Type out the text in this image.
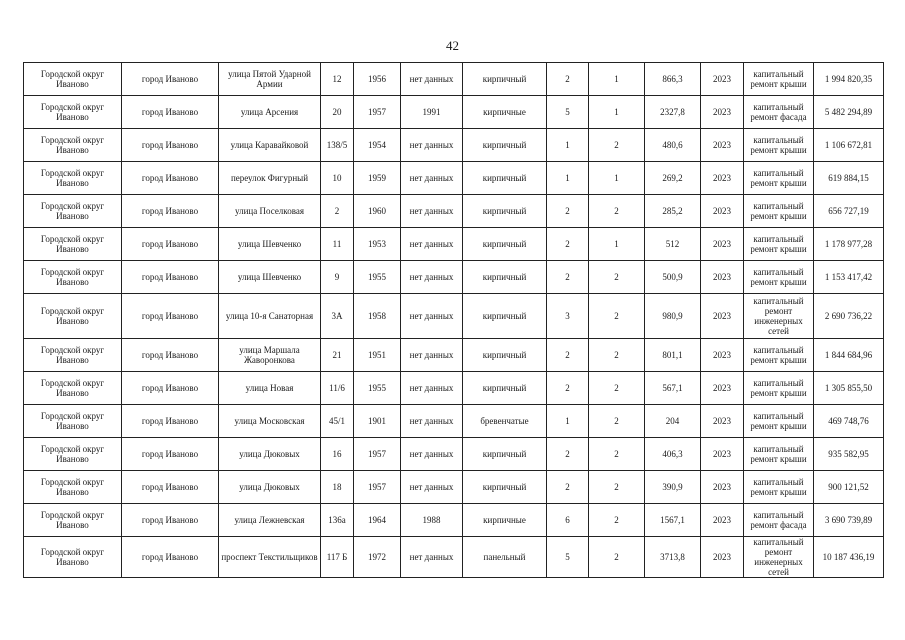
42
Городской округ Иваново	город Иваново	улица Пятой Ударной Армии	12	1956	нет данных	кирпичный	2	1	866,3	2023	капитальный ремонт крыши	1 994 820,35
Городской округ Иваново	город Иваново	улица Арсения	20	1957	1991	кирпичные	5	1	2327,8	2023	капитальный ремонт фасада	5 482 294,89
Городской округ Иваново	город Иваново	улица Каравайковой	138/5	1954	нет данных	кирпичный	1	2	480,6	2023	капитальный ремонт крыши	1 106 672,81
Городской округ Иваново	город Иваново	переулок Фигурный	10	1959	нет данных	кирпичный	1	1	269,2	2023	капитальный ремонт крыши	619 884,15
Городской округ Иваново	город Иваново	улица Поселковая	2	1960	нет данных	кирпичный	2	2	285,2	2023	капитальный ремонт крыши	656 727,19
Городской округ Иваново	город Иваново	улица Шевченко	11	1953	нет данных	кирпичный	2	1	512	2023	капитальный ремонт крыши	1 178 977,28
Городской округ Иваново	город Иваново	улица Шевченко	9	1955	нет данных	кирпичный	2	2	500,9	2023	капитальный ремонт крыши	1 153 417,42
Городской округ Иваново	город Иваново	улица 10-я Санаторная	3А	1958	нет данных	кирпичный	3	2	980,9	2023	капитальный ремонт инженерных сетей	2 690 736,22
Городской округ Иваново	город Иваново	улица Маршала Жаворонкова	21	1951	нет данных	кирпичный	2	2	801,1	2023	капитальный ремонт крыши	1 844 684,96
Городской округ Иваново	город Иваново	улица Новая	11/6	1955	нет данных	кирпичный	2	2	567,1	2023	капитальный ремонт крыши	1 305 855,50
Городской округ Иваново	город Иваново	улица Московская	45/1	1901	нет данных	бревенчатые	1	2	204	2023	капитальный ремонт крыши	469 748,76
Городской округ Иваново	город Иваново	улица Дюковых	16	1957	нет данных	кирпичный	2	2	406,3	2023	капитальный ремонт крыши	935 582,95
Городской округ Иваново	город Иваново	улица Дюковых	18	1957	нет данных	кирпичный	2	2	390,9	2023	капитальный ремонт крыши	900 121,52
Городской округ Иваново	город Иваново	улица Лежневская	136а	1964	1988	кирпичные	6	2	1567,1	2023	капитальный ремонт фасада	3 690 739,89
Городской округ Иваново	город Иваново	проспект Текстильщиков	117 Б	1972	нет данных	панельный	5	2	3713,8	2023	капитальный ремонт инженерных сетей	10 187 436,19
